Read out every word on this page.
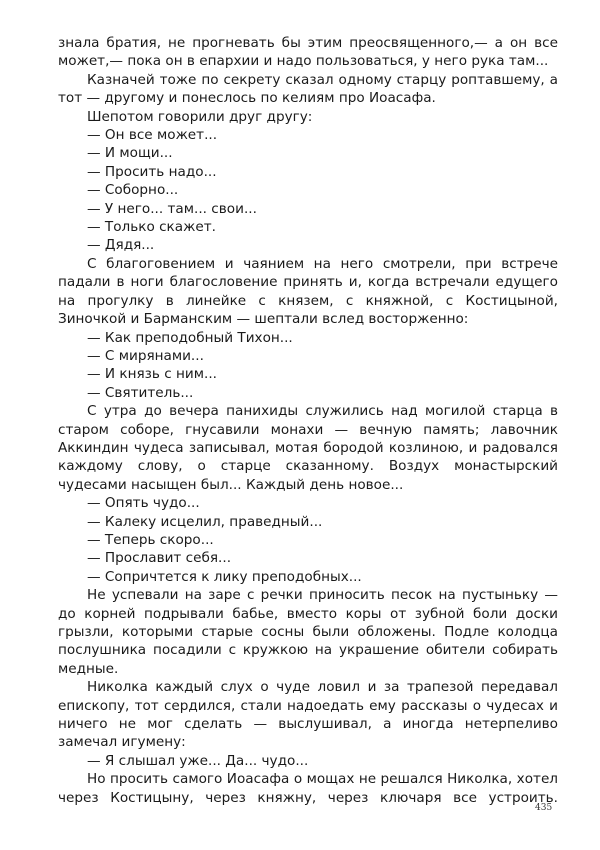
знала братия, не прогневать бы этим преосвященного,— а он все может,— пока он в епархии и надо пользоваться, у него рука там...

Казначей тоже по секрету сказал одному старцу роптавшему, а тот — другому и понеслось по келиям про Иоасафа.

Шепотом говорили друг другу:

— Он все может...

— И мощи...

— Просить надо...

— Соборно...

— У него... там... свои...

— Только скажет.

— Дядя...

С благоговением и чаянием на него смотрели, при встрече падали в ноги благословение принять и, когда встречали едущего на прогулку в линейке с князем, с княжной, с Костицыной, Зиночкой и Барманским — шептали вслед восторженно:

— Как преподобный Тихон...

— С мирянами...

— И князь с ним...

— Святитель...

С утра до вечера панихиды служились над могилой старца в старом соборе, гнусавили монахи — вечную память; лавочник Аккиндин чудеса записывал, мотая бородой козлиною, и радовался каждому слову, о старце сказанному. Воздух монастырский чудесами насыщен был... Каждый день новое...

— Опять чудо...

— Калеку исцелил, праведный...

— Теперь скоро...

— Прославит себя...

— Сопричтется к лику преподобных...

Не успевали на заре с речки приносить песок на пустыньку — до корней подрывали бабье, вместо коры от зубной боли доски грызли, которыми старые сосны были обложены. Подле колодца послушника посадили с кружкою на украшение обители собирать медные.

Николка каждый слух о чуде ловил и за трапезой передавал епископу, тот сердился, стали надоедать ему рассказы о чудесах и ничего не мог сделать — выслушивал, а иногда нетерпеливо замечал игумену:

— Я слышал уже... Да... чудо...

Но просить самого Иоасафа о мощах не решался Николка, хотел через Костицыну, через княжну, через ключаря все устроить.

435
